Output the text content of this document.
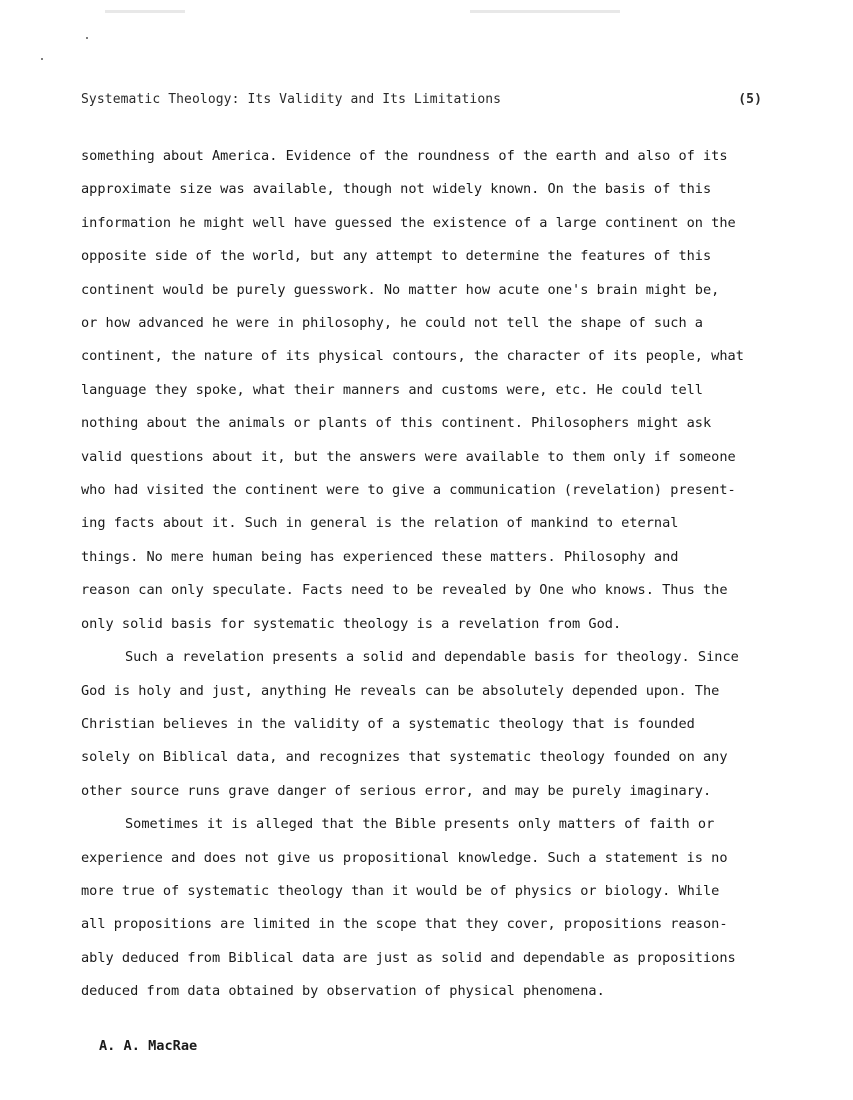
Systematic Theology: Its Validity and Its Limitations	(5)

something about America. Evidence of the roundness of the earth and also of its
approximate size was available, though not widely known. On the basis of this
information he might well have guessed the existence of a large continent on the
opposite side of the world, but any attempt to determine the features of this
continent would be purely guesswork. No matter how acute one's brain might be,
or how advanced he were in philosophy, he could not tell the shape of such a
continent, the nature of its physical contours, the character of its people, what
language they spoke, what their manners and customs were, etc. He could tell
nothing about the animals or plants of this continent. Philosophers might ask
valid questions about it, but the answers were available to them only if someone
who had visited the continent were to give a communication (revelation) present-
ing facts about it. Such in general is the relation of mankind to eternal
things. No mere human being has experienced these matters. Philosophy and
reason can only speculate. Facts need to be revealed by One who knows. Thus the
only solid basis for systematic theology is a revelation from God.

Such a revelation presents a solid and dependable basis for theology. Since
God is holy and just, anything He reveals can be absolutely depended upon. The
Christian believes in the validity of a systematic theology that is founded
solely on Biblical data, and recognizes that systematic theology founded on any
other source runs grave danger of serious error, and may be purely imaginary.

Sometimes it is alleged that the Bible presents only matters of faith or
experience and does not give us propositional knowledge. Such a statement is no
more true of systematic theology than it would be of physics or biology. While
all propositions are limited in the scope that they cover, propositions reason-
ably deduced from Biblical data are just as solid and dependable as propositions
deduced from data obtained by observation of physical phenomena.

A. A. MacRae
